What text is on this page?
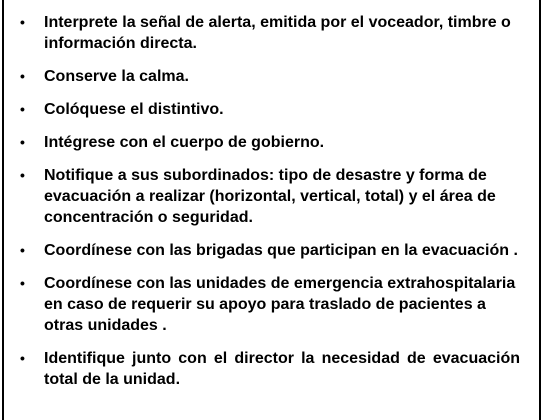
•	Interprete la señal de alerta, emitida por el voceador, timbre o información directa.
•	Conserve la calma.
•	Colóquese el distintivo.
•	Intégrese con el cuerpo de gobierno.
•	Notifique a sus subordinados: tipo de desastre y forma de evacuación a realizar (horizontal, vertical, total) y el área de concentración o seguridad.
•	Coordínese con las brigadas que participan en la evacuación .
•	Coordínese con las unidades de emergencia extrahospitalaria en caso de requerir su apoyo para traslado de pacientes a otras unidades .
•	Identifique junto con el director la necesidad de evacuación total de la unidad.
